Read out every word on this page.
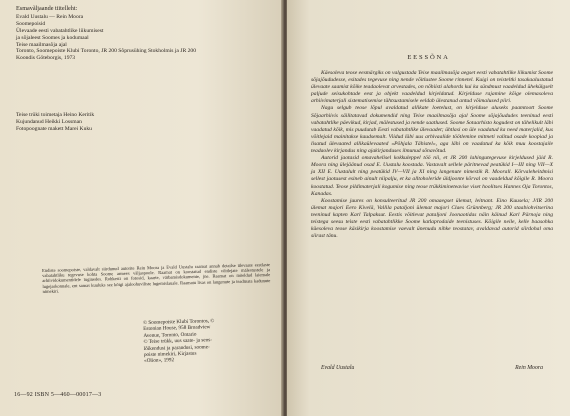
Esmavãljaande tiitelleht:
Evald Uustalu — Rein Moora
Soomepoisid
Ülevaade eesti vabatahtlike liikumisest
ja sõjaleest Soomes ja kodumaal
Teise maailmasõja ajal
Toronto, Soomepoiste Klubi Toronto, JR 200 Sõprusühing Stokholmis ja JR 200
Koondis Göteborgis, 1973
Teise trüki toimetaja Heino Keritik
Kujundanud Heikki Lossman
Fotopoognate makett Marei Kuku
Endiste soomepoiste, valdavalt siirdunud autorite Rein Moora ja Evald Uustalu raamat annab detailse ülevaate eestlaste vabatahtliku tegevuse kohta Soome armees väljaspoole. Raamat on koostatud endiste võitlejate mälestustele ja arhiividokumentidele tuginedes. Rohkesti on fotosid, kaarte, värbamisdokumente, jne. Raamat on mõeldud laiemale lugejaskonnale, ent samas kuuluks see kõigi ajaloohuviliste lugemislauale. Raamatu lisas on langenute ja teadmata kadunute nimekiri.
© Soomepoiste Klubi Torontos, ©
Estonian House, 958 Broadview
Avenue, Toronto, Ontario
© Teise trükk, uus saate- ja seos-
lõikendusi ja parandusi, soome-
poiste nimekiri, Kirjastus
«Olion», 1992
16—92 ISBN 5—460—00017—3
EESSÕNA

Käesoleva teose eesmärgiks on valgustada Teise maailmasõja aegset eesti vabatahtlike liikumist Soome sõjajõududesse, esitades tegevuse ning nende võitlustee Soome rinnetel. Kuigi on teisteltki tasakaalustatud ülevaate saamist kõike teadaolevat arvestades, on nõhiisti alahords kui ka sündmust vaadeldud ühekülgselt paljude seisukohtade eest ja objekt vaadeldud kirjeldatud. Kirjelduse rajamine kõige olemasoleva arhiivimaterjali sistematisemise tähtsustamisele eeldab ülestanud antud võimalused piiri.

Nagu selgub teose lõpul avaldatud allikate loetelust, on kirjelduse aluseks paamtoott Soome Sõjaarhiivis säilitatavad dokumendid ning Teise maailmasõja ajal Soome sõjajõududes teeninud eesti vabatahtlike päevikud, kirjad, mälestused ja nende saatlused. Soome Sotaarhisto kogudest on tähelikult läbi vaadatud kõik, mis puudutab Eesti vabatahtlike ülevaadet; ühtlasi on üle vaadatud ka need materjalid, kus võitlejaid mainitakse kaudsemalt. Viidud läbi uus arhivaalide töötlemine mitmeti valitud osade koopiad ja lisatud ülevaated allikaülevaated «Põhjala Tähistel», aga lähi on vaadatud ka kõik muu koostajaile teadaolev kirjandus ning ajakirjanduses ilmunud sõnavõtud.

Autorid jaotasid omavahelisel kokkuleppel töö nii, et JR 200 lahingutegevuse kirjeldused jäid R. Moora ning ülejäänud osad E. Uustalu koostada. Vastavalt sellele päritnevad peatükid I—III ning VII—X ja XII E. Uustalult ning peatükid IV—VII ja XI ning langenute nimestik R. Moorall. Kõrvaleheitdmisi sellest jaotusest esineb ainult niipalju, et ka alltoholeride üldjoonte kõrval on vaadeldud kõigile R. Moora koostatud. Teose pildimaterjali kogumise ning teose trükkimineteavise viset hoolitses Hannes Oja Torontos, Kanadas.

Koostamise juures on konsulteeritud JR 200 omaaegset ülemat, leitnant. Eino Kuusela; J/IR 200 ülemat majori Eero Kivelä, Vallila pataljoni ülemat majori Claes Grünnberg; JR 200 staabiohvitserina teeninud kapten Karl Talpaksut. Eestis võitlevat pataljoni Joonaotidas näin käinud Karl Pärnoja ning teistega seesu teiste eesti vabatahtlikke Soome katlaprodaide teenistuses. Kõigile neile, kelle baasohka käesoleva teose käsikirja koostamise vaevalt ünenudu nihke teostatav, avaldavad autorid siirdohal oma siirast tänu.

Evald Uustalu	Rein Moora
